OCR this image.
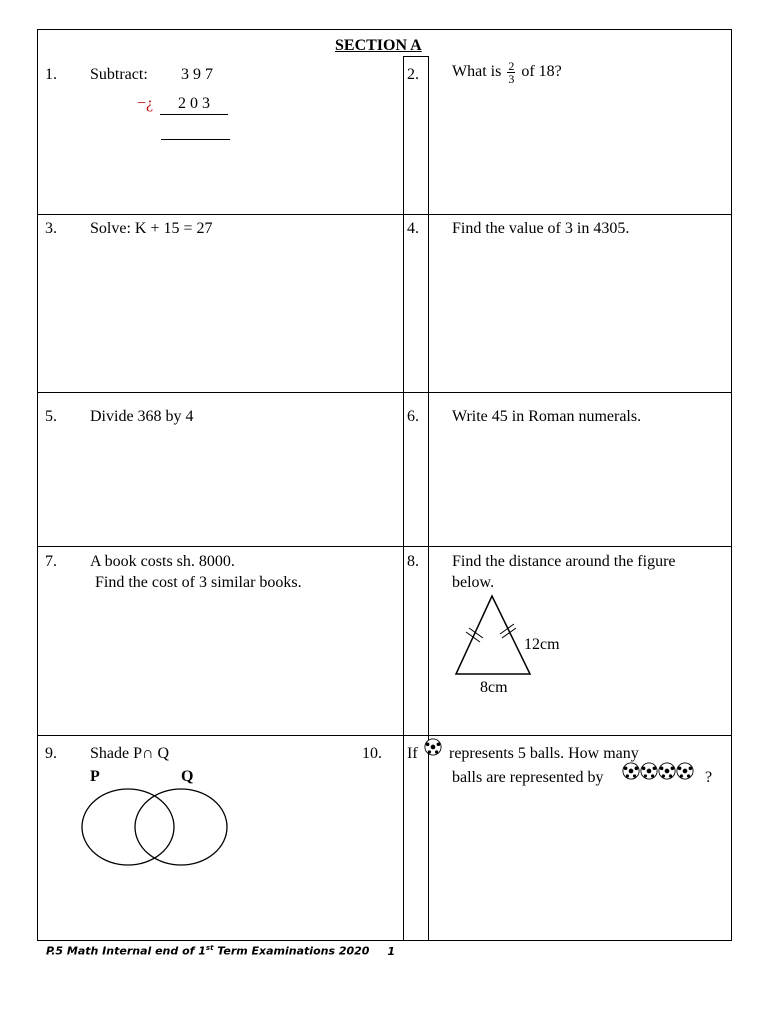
SECTION A
1. Subtract: 3 9 7
−¿	2 0 3
2. What is $\frac{2}{3}$ of 18?
3. Solve: K + 15 = 27	4. Find the value of 3 in 4305.
5. Divide 368 by 4	6. Write 45 in Roman numerals.
7. A book costs sh. 8000.
Find the cost of 3 similar books.
8. Find the distance around the figure
below.
12cm
8cm
9. Shade P∩ Q
P	Q
10. If represents 5 balls. How many
balls are represented by	?
P.5 Math Internal end of 1st Term Examinations 2020 1
